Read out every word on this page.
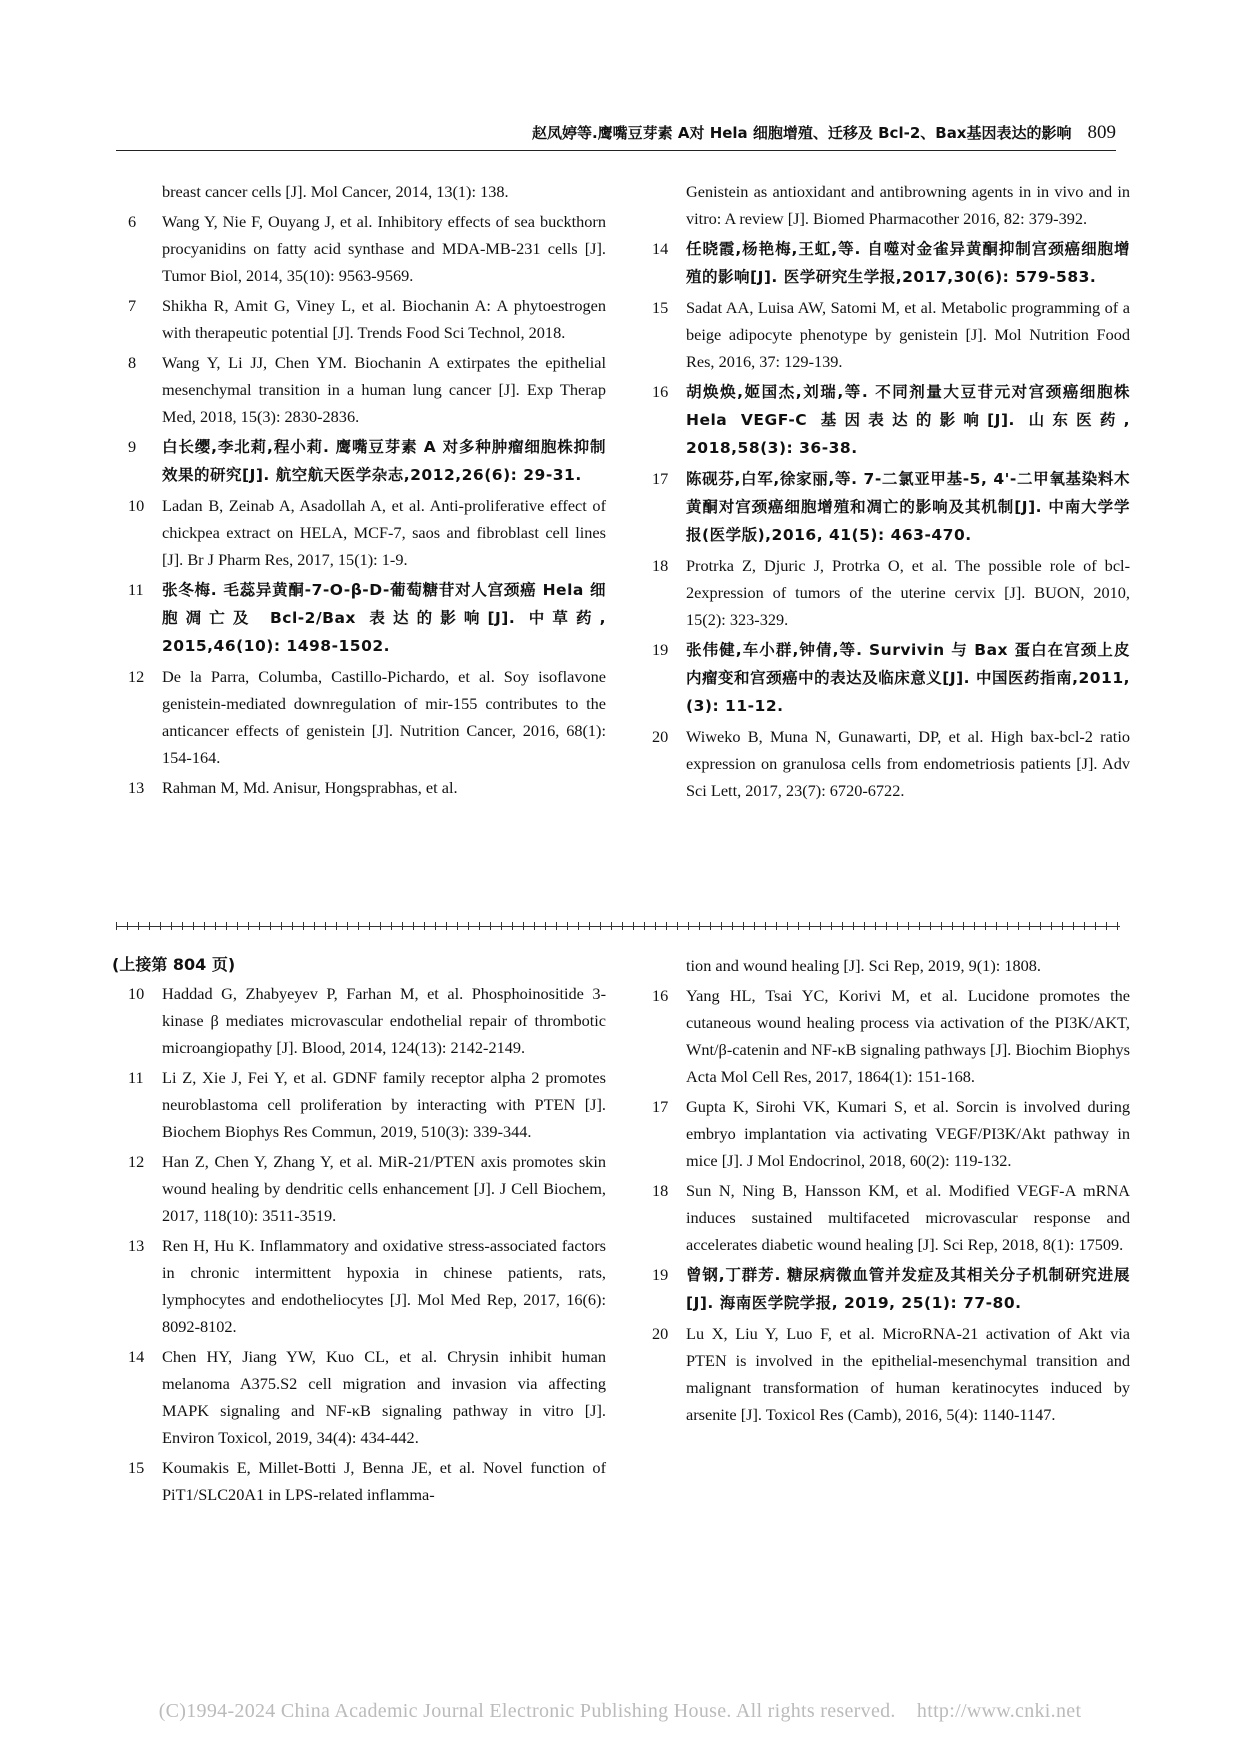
赵凤婷等.鹰嘴豆芽素 A对 Hela 细胞增殖、迁移及 Bcl-2、Bax基因表达的影响 809
breast cancer cells [J]. Mol Cancer, 2014, 13(1): 138.
6 Wang Y, Nie F, Ouyang J, et al. Inhibitory effects of sea buckthorn procyanidins on fatty acid synthase and MDA-MB-231 cells [J]. Tumor Biol, 2014, 35(10): 9563-9569.
7 Shikha R, Amit G, Viney L, et al. Biochanin A: A phytoestrogen with therapeutic potential [J]. Trends Food Sci Technol, 2018.
8 Wang Y, Li JJ, Chen YM. Biochanin A extirpates the epithelial mesenchymal transition in a human lung cancer [J]. Exp Therap Med, 2018, 15(3): 2830-2836.
9 白长缨,李北莉,程小莉. 鹰嘴豆芽素 A 对多种肿瘤细胞株抑制效果的研究[J]. 航空航天医学杂志,2012,26(6): 29-31.
10 Ladan B, Zeinab A, Asadollah A, et al. Anti-proliferative effect of chickpea extract on HELA, MCF-7, saos and fibroblast cell lines [J]. Br J Pharm Res, 2017, 15(1): 1-9.
11 张冬梅. 毛蕊异黄酮-7-O-β-D-葡萄糖苷对人宫颈癌 Hela 细胞凋亡及 Bcl-2/Bax 表达的影响[J]. 中草药, 2015,46(10): 1498-1502.
12 De la Parra, Columba, Castillo-Pichardo, et al. Soy isoflavone genistein-mediated downregulation of mir-155 contributes to the anticancer effects of genistein [J]. Nutrition Cancer, 2016, 68(1): 154-164.
13 Rahman M, Md. Anisur, Hongsprabhas, et al.
Genistein as antioxidant and antibrowning agents in in vivo and in vitro: A review [J]. Biomed Pharmacother 2016, 82: 379-392.
14 任晓霞,杨艳梅,王虹,等. 自噬对金雀异黄酮抑制宫颈癌细胞增殖的影响[J]. 医学研究生学报,2017,30(6): 579-583.
15 Sadat AA, Luisa AW, Satomi M, et al. Metabolic programming of a beige adipocyte phenotype by genistein [J]. Mol Nutrition Food Res, 2016, 37: 129-139.
16 胡焕焕,姬国杰,刘瑞,等. 不同剂量大豆苷元对宫颈癌细胞株 Hela VEGF-C 基因表达的影响[J]. 山东医药, 2018,58(3): 36-38.
17 陈砚芬,白军,徐家丽,等. 7-二氯亚甲基-5, 4'-二甲氧基染料木黄酮对宫颈癌细胞增殖和凋亡的影响及其机制[J]. 中南大学学报(医学版),2016, 41(5): 463-470.
18 Protrka Z, Djuric J, Protrka O, et al. The possible role of bcl-2expression of tumors of the uterine cervix [J]. BUON, 2010, 15(2): 323-329.
19 张伟健,车小群,钟倩,等. Survivin 与 Bax 蛋白在宫颈上皮内瘤变和宫颈癌中的表达及临床意义[J]. 中国医药指南,2011,(3): 11-12.
20 Wiweko B, Muna N, Gunawarti, DP, et al. High bax-bcl-2 ratio expression on granulosa cells from endometriosis patients [J]. Adv Sci Lett, 2017, 23(7): 6720-6722.
(上接第 804 页)
10 Haddad G, Zhabyeyev P, Farhan M, et al. Phosphoinositide 3-kinase β mediates microvascular endothelial repair of thrombotic microangiopathy [J]. Blood, 2014, 124(13): 2142-2149.
11 Li Z, Xie J, Fei Y, et al. GDNF family receptor alpha 2 promotes neuroblastoma cell proliferation by interacting with PTEN [J]. Biochem Biophys Res Commun, 2019, 510(3): 339-344.
12 Han Z, Chen Y, Zhang Y, et al. MiR-21/PTEN axis promotes skin wound healing by dendritic cells enhancement [J]. J Cell Biochem, 2017, 118(10): 3511-3519.
13 Ren H, Hu K. Inflammatory and oxidative stress-associated factors in chronic intermittent hypoxia in chinese patients, rats, lymphocytes and endotheliocytes [J]. Mol Med Rep, 2017, 16(6): 8092-8102.
14 Chen HY, Jiang YW, Kuo CL, et al. Chrysin inhibit human melanoma A375.S2 cell migration and invasion via affecting MAPK signaling and NF-κB signaling pathway in vitro [J]. Environ Toxicol, 2019, 34(4): 434-442.
15 Koumakis E, Millet-Botti J, Benna JE, et al. Novel function of PiT1/SLC20A1 in LPS-related inflamma-
tion and wound healing [J]. Sci Rep, 2019, 9(1): 1808.
16 Yang HL, Tsai YC, Korivi M, et al. Lucidone promotes the cutaneous wound healing process via activation of the PI3K/AKT, Wnt/β-catenin and NF-κB signaling pathways [J]. Biochim Biophys Acta Mol Cell Res, 2017, 1864(1): 151-168.
17 Gupta K, Sirohi VK, Kumari S, et al. Sorcin is involved during embryo implantation via activating VEGF/PI3K/Akt pathway in mice [J]. J Mol Endocrinol, 2018, 60(2): 119-132.
18 Sun N, Ning B, Hansson KM, et al. Modified VEGF-A mRNA induces sustained multifaceted microvascular response and accelerates diabetic wound healing [J]. Sci Rep, 2018, 8(1): 17509.
19 曾钢,丁群芳. 糖尿病微血管并发症及其相关分子机制研究进展[J]. 海南医学院学报, 2019, 25(1): 77-80.
20 Lu X, Liu Y, Luo F, et al. MicroRNA-21 activation of Akt via PTEN is involved in the epithelial-mesenchymal transition and malignant transformation of human keratinocytes induced by arsenite [J]. Toxicol Res (Camb), 2016, 5(4): 1140-1147.
(C)1994-2024 China Academic Journal Electronic Publishing House. All rights reserved.    http://www.cnki.net
